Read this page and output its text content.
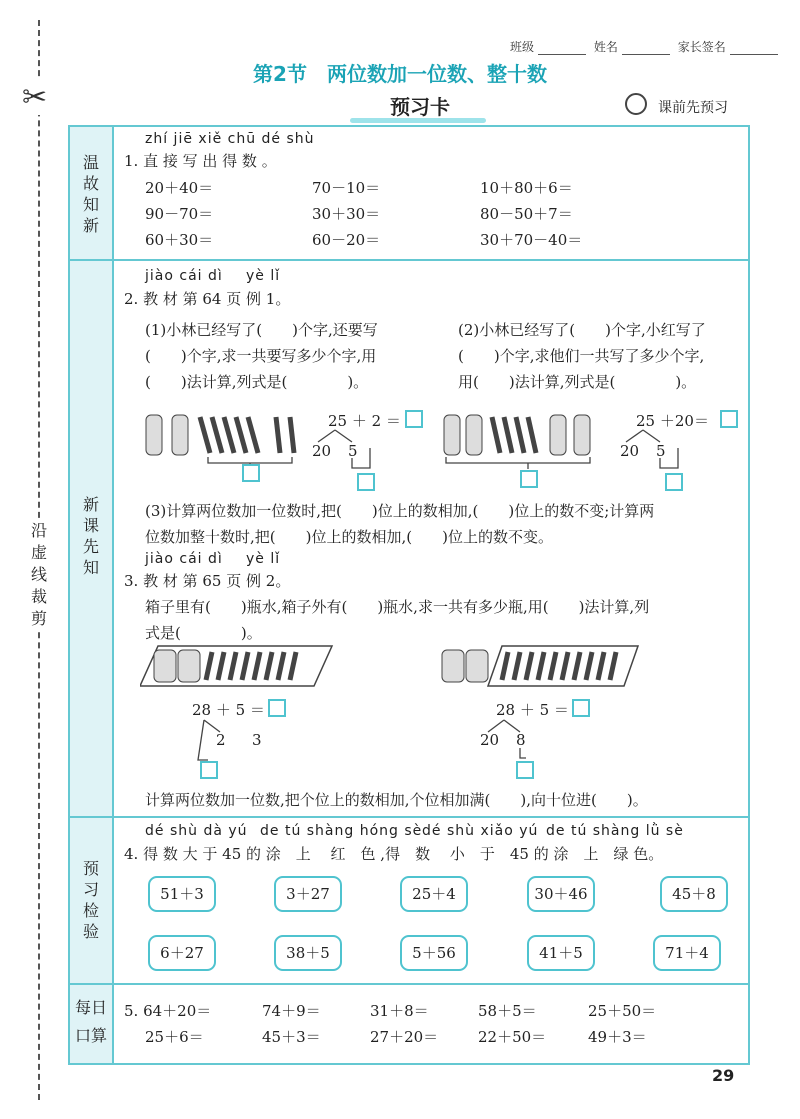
✂
沿
虚
线
裁
剪
班级	姓名	家长签名
第2节　两位数加一位数、整十数
预习卡	课前先预习
温
故
知
新
新
课
先
知
预
习
检
验
每日
口算
zhí jiē xiě chū dé shù
1. 直 接 写 出 得 数 。
20＋40＝	70－10＝	10＋80＋6＝
90－70＝	30＋30＝	80－50＋7＝
60＋30＝	60－20＝	30＋70－40＝
jiào cái dì yè lǐ
2. 教 材 第 64 页 例 1。
(1)小林已经写了(　　)个字,还要写
(　　)个字,求一共要写多少个字,用
(　　)法计算,列式是(　　　　)。
(2)小林已经写了(　　)个字,小红写了
(　　)个字,求他们一共写了多少个字,
用(　　)法计算,列式是(　　　　)。
25 ＋ 2 ＝
20 5
25 ＋20＝
20 5
(3)计算两位数加一位数时,把(　　)位上的数相加,(　　)位上的数不变;计算两
位数加整十数时,把(　　)位上的数相加,(　　)位上的数不变。
jiào cái dì yè lǐ
3. 教 材 第 65 页 例 2。
箱子里有(　　)瓶水,箱子外有(　　)瓶水,求一共有多少瓶,用(　　)法计算,列
式是(　　　　)。
28 ＋ 5 ＝
2 3
28 ＋ 5 ＝
20 8
计算两位数加一位数,把个位上的数相加,个位相加满(　　),向十位进(　　)。
dé shù dà yú de tú shàng hóng sè dé shù xiǎo yú de tú shàng lǜ sè
4. 得 数 大 于 45 的 涂　上　 红　色 ,得　数　 小　于　45 的 涂　上　绿 色。
51＋3	3＋27	25＋4	30＋46	45＋8
6＋27	38＋5	5＋56	41＋5	71＋4
5. 64＋20＝	74＋9＝	31＋8＝	58＋5＝	25＋50＝
25＋6＝	45＋3＝	27＋20＝	22＋50＝	49＋3＝
29
